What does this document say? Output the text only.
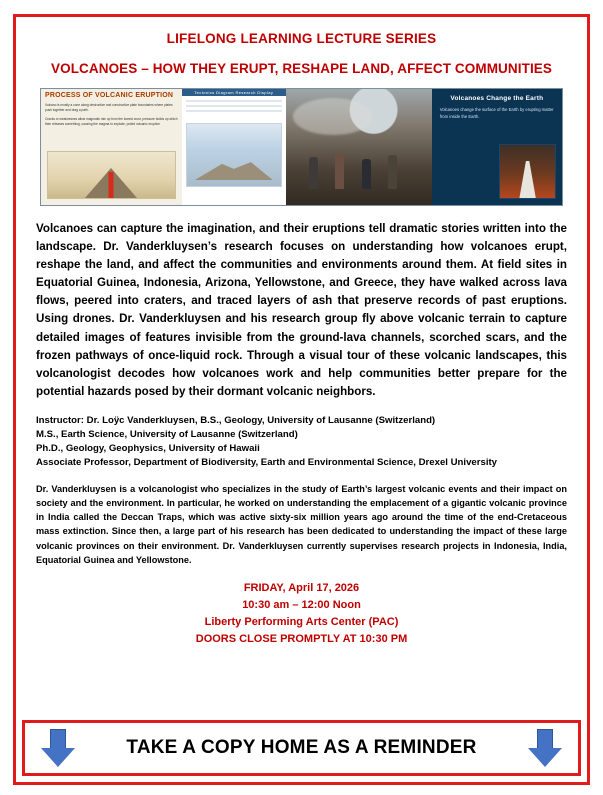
LIFELONG LEARNING LECTURE SERIES
VOLCANOES – HOW THEY ERUPT, RESHAPE LAND, AFFECT COMMUNITIES
PROCESS OF VOLCANIC ERUPTION
Volcano is mostly a cone along destructive and constructive plate boundaries where plates push together and drag a path.
Cracks or weaknesses allow magmatic rise up from the lowest crust, pressure builds up which then releases something, causing the magma to explode, pulled volcanic eruption
Tectonics Diagram Research Display
Volcanoes Change the Earth
Volcanoes change the surface of the Earth by erupting matter from inside the Earth.
Volcanoes can capture the imagination, and their eruptions tell dramatic stories written into the landscape. Dr. Vanderkluysen’s research focuses on understanding how volcanoes erupt, reshape the land, and affect the communities and environments around them. At field sites in Equatorial Guinea, Indonesia, Arizona, Yellowstone, and Greece, they have walked across lava flows, peered into craters, and traced layers of ash that preserve records of past eruptions. Using drones. Dr. Vanderkluysen and his research group fly above volcanic terrain to capture detailed images of features invisible from the ground-lava channels, scorched scars, and the frozen pathways of once-liquid rock. Through a visual tour of these volcanic landscapes, this volcanologist decodes how volcanoes work and help communities better prepare for the potential hazards posed by their dormant volcanic neighbors.
Instructor: Dr. Loÿc Vanderkluysen, B.S., Geology, University of Lausanne (Switzerland)
M.S., Earth Science, University of Lausanne (Switzerland)
Ph.D., Geology, Geophysics, University of Hawaii
Associate Professor, Department of Biodiversity, Earth and Environmental Science, Drexel University
Dr. Vanderkluysen is a volcanologist who specializes in the study of Earth’s largest volcanic events and their impact on society and the environment. In particular, he worked on understanding the emplacement of a gigantic volcanic province in India called the Deccan Traps, which was active sixty-six million years ago around the time of the end-Cretaceous mass extinction. Since then, a large part of his research has been dedicated to understanding the impact of these large volcanic provinces on their environment. Dr. Vanderkluysen currently supervises research projects in Indonesia, India, Equatorial Guinea and Yellowstone.
FRIDAY, April 17, 2026
10:30 am – 12:00 Noon
Liberty Performing Arts Center (PAC)
DOORS CLOSE PROMPTLY AT 10:30 PM
TAKE A COPY HOME AS A REMINDER
